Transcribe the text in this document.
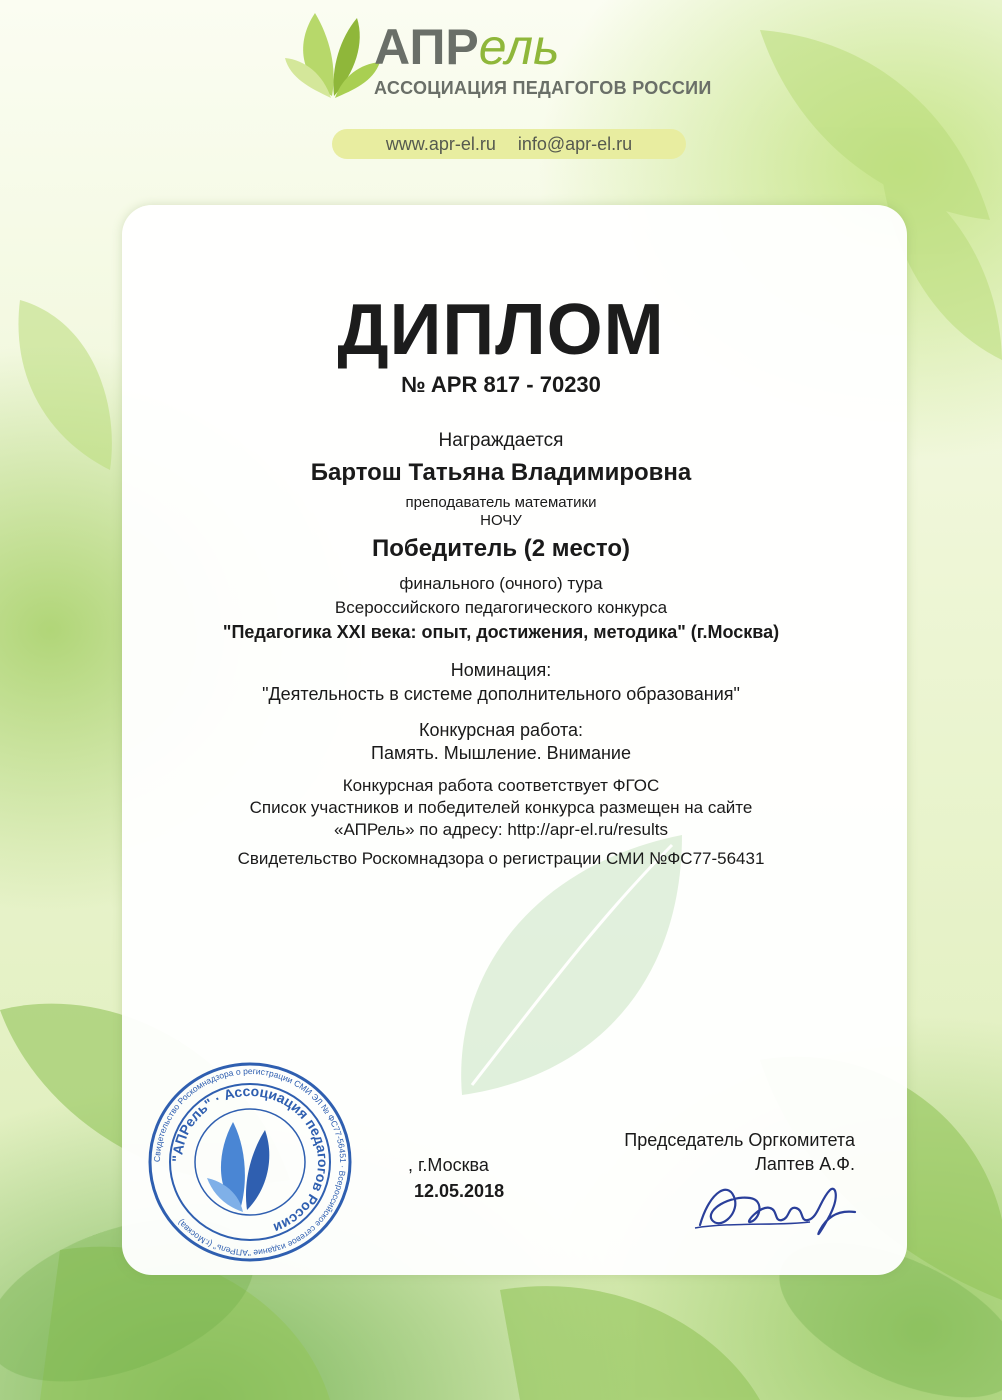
АПРель
АССОЦИАЦИЯ ПЕДАГОГОВ РОССИИ
www.apr-el.ru info@apr-el.ru
ДИПЛОМ
№ APR 817 - 70230
Награждается
Бартош Татьяна Владимировна
преподаватель математики
НОЧУ
Победитель (2 место)
финального (очного) тура
Всероссийского педагогического конкурса
"Педагогика XXI века: опыт, достижения, методика" (г.Москва)
Номинация:
"Деятельность в системе дополнительного образования"
Конкурсная работа:
Память. Мышление. Внимание
Конкурсная работа соответствует ФГОС
Список участников и победителей конкурса размещен на сайте
«АПРель» по адресу: http://apr-el.ru/results
Свидетельство Роскомнадзора о регистрации СМИ №ФС77-56431
Свидетельство Роскомнадзора о регистрации СМИ ЭЛ № ФС77-56451 · Всероссийское сетевое издание "АПРель" (г.Москва)
"АПРель" · Ассоциация педагогов России
, г.Москва
12.05.2018
Председатель Оргкомитета
Лаптев А.Ф.
